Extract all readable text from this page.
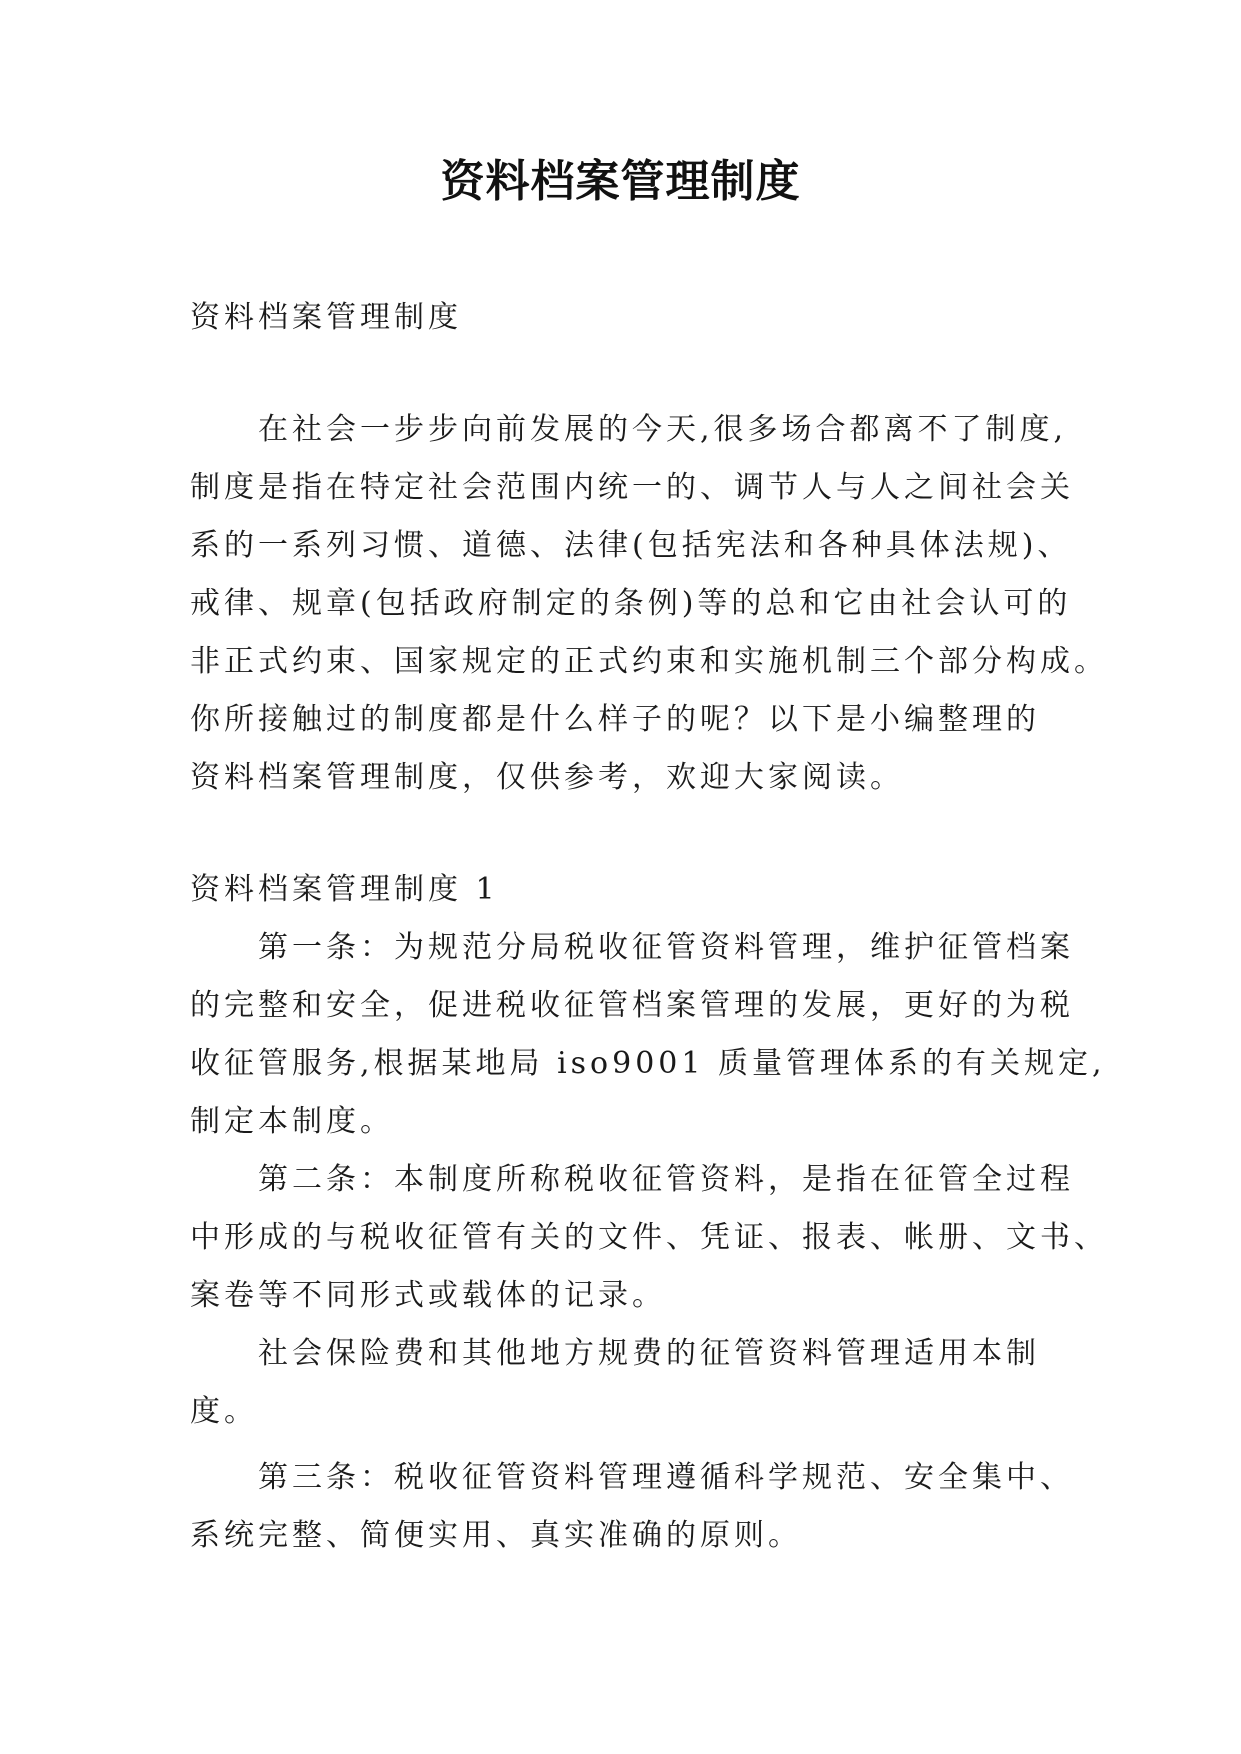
资料档案管理制度
资料档案管理制度
在社会一步步向前发展的今天,很多场合都离不了制度,
制度是指在特定社会范围内统一的、调节人与人之间社会关
系的一系列习惯、道德、法律(包括宪法和各种具体法规)、
戒律、规章(包括政府制定的条例)等的总和它由社会认可的
非正式约束、国家规定的正式约束和实施机制三个部分构成。
你所接触过的制度都是什么样子的呢？以下是小编整理的
资料档案管理制度，仅供参考，欢迎大家阅读。
资料档案管理制度 1
第一条：为规范分局税收征管资料管理，维护征管档案
的完整和安全，促进税收征管档案管理的发展，更好的为税
收征管服务,根据某地局 iso9001 质量管理体系的有关规定,
制定本制度。
第二条：本制度所称税收征管资料，是指在征管全过程
中形成的与税收征管有关的文件、凭证、报表、帐册、文书、
案卷等不同形式或载体的记录。
社会保险费和其他地方规费的征管资料管理适用本制
度。
第三条：税收征管资料管理遵循科学规范、安全集中、
系统完整、简便实用、真实准确的原则。
